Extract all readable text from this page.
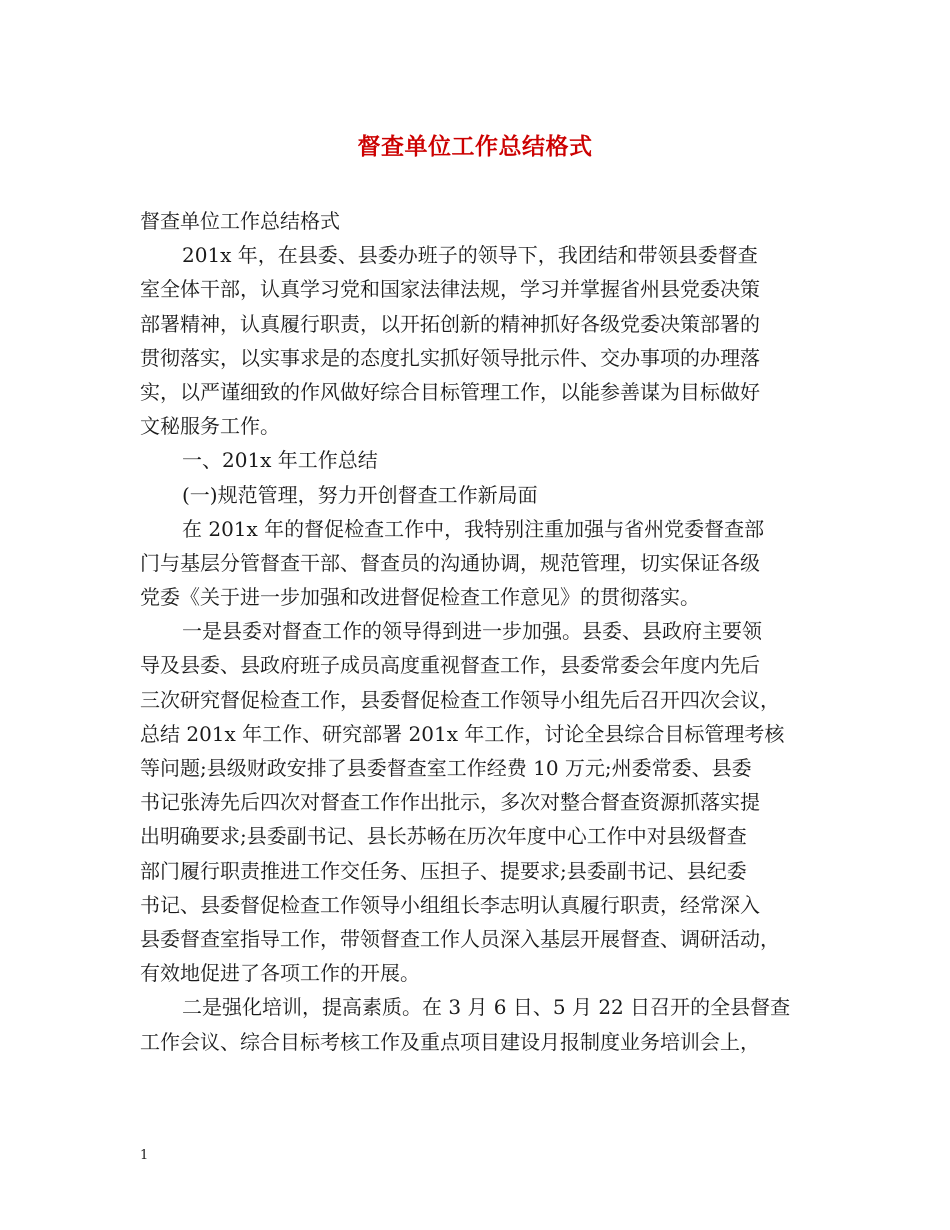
督查单位工作总结格式
督查单位工作总结格式
201x 年，在县委、县委办班子的领导下，我团结和带领县委督查
室全体干部，认真学习党和国家法律法规，学习并掌握省州县党委决策
部署精神，认真履行职责，以开拓创新的精神抓好各级党委决策部署的
贯彻落实，以实事求是的态度扎实抓好领导批示件、交办事项的办理落
实，以严谨细致的作风做好综合目标管理工作，以能参善谋为目标做好
文秘服务工作。
一、201x 年工作总结
(一)规范管理，努力开创督查工作新局面
在 201x 年的督促检查工作中，我特别注重加强与省州党委督查部
门与基层分管督查干部、督查员的沟通协调，规范管理，切实保证各级
党委《关于进一步加强和改进督促检查工作意见》的贯彻落实。
一是县委对督查工作的领导得到进一步加强。县委、县政府主要领
导及县委、县政府班子成员高度重视督查工作，县委常委会年度内先后
三次研究督促检查工作，县委督促检查工作领导小组先后召开四次会议，
总结 201x 年工作、研究部署 201x 年工作，讨论全县综合目标管理考核
等问题;县级财政安排了县委督查室工作经费 10 万元;州委常委、县委
书记张涛先后四次对督查工作作出批示，多次对整合督查资源抓落实提
出明确要求;县委副书记、县长苏畅在历次年度中心工作中对县级督查
部门履行职责推进工作交任务、压担子、提要求;县委副书记、县纪委
书记、县委督促检查工作领导小组组长李志明认真履行职责，经常深入
县委督查室指导工作，带领督查工作人员深入基层开展督查、调研活动，
有效地促进了各项工作的开展。
二是强化培训，提高素质。在 3 月 6 日、5 月 22 日召开的全县督查
工作会议、综合目标考核工作及重点项目建设月报制度业务培训会上，
1
